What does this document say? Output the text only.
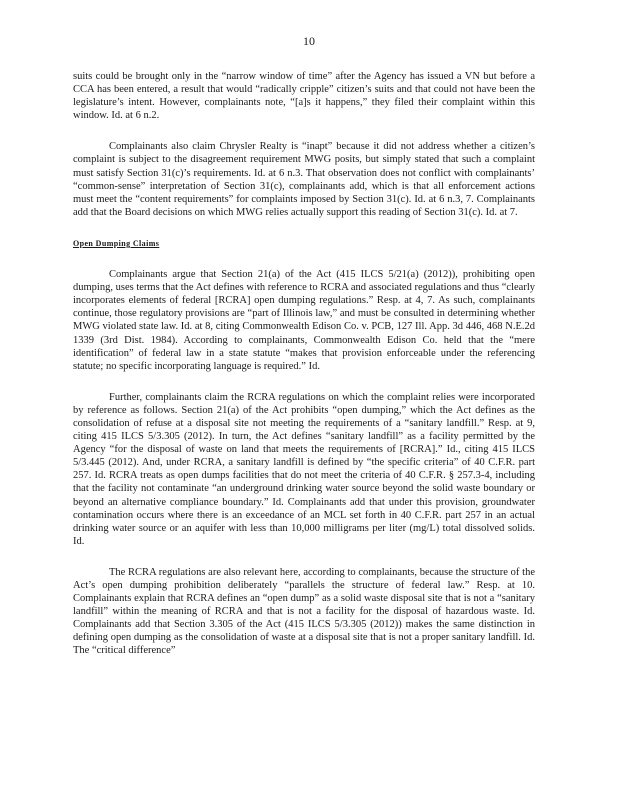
10

suits could be brought only in the “narrow window of time” after the Agency has issued a VN but before a CCA has been entered, a result that would “radically cripple” citizen’s suits and that could not have been the legislature’s intent. However, complainants note, “[a]s it happens,” they filed their complaint within this window. Id. at 6 n.2.

Complainants also claim Chrysler Realty is “inapt” because it did not address whether a citizen’s complaint is subject to the disagreement requirement MWG posits, but simply stated that such a complaint must satisfy Section 31(c)’s requirements. Id. at 6 n.3. That observation does not conflict with complainants’ “common-sense” interpretation of Section 31(c), complainants add, which is that all enforcement actions must meet the “content requirements” for complaints imposed by Section 31(c). Id. at 6 n.3, 7. Complainants add that the Board decisions on which MWG relies actually support this reading of Section 31(c). Id. at 7.

Open Dumping Claims

Complainants argue that Section 21(a) of the Act (415 ILCS 5/21(a) (2012)), prohibiting open dumping, uses terms that the Act defines with reference to RCRA and associated regulations and thus “clearly incorporates elements of federal [RCRA] open dumping regulations.” Resp. at 4, 7. As such, complainants continue, those regulatory provisions are “part of Illinois law,” and must be consulted in determining whether MWG violated state law. Id. at 8, citing Commonwealth Edison Co. v. PCB, 127 Ill. App. 3d 446, 468 N.E.2d 1339 (3rd Dist. 1984). According to complainants, Commonwealth Edison Co. held that the “mere identification” of federal law in a state statute “makes that provision enforceable under the referencing statute; no specific incorporating language is required.” Id.

Further, complainants claim the RCRA regulations on which the complaint relies were incorporated by reference as follows. Section 21(a) of the Act prohibits “open dumping,” which the Act defines as the consolidation of refuse at a disposal site not meeting the requirements of a “sanitary landfill.” Resp. at 9, citing 415 ILCS 5/3.305 (2012). In turn, the Act defines “sanitary landfill” as a facility permitted by the Agency “for the disposal of waste on land that meets the requirements of [RCRA].” Id., citing 415 ILCS 5/3.445 (2012). And, under RCRA, a sanitary landfill is defined by “the specific criteria” of 40 C.F.R. part 257. Id. RCRA treats as open dumps facilities that do not meet the criteria of 40 C.F.R. § 257.3-4, including that the facility not contaminate “an underground drinking water source beyond the solid waste boundary or beyond an alternative compliance boundary.” Id. Complainants add that under this provision, groundwater contamination occurs where there is an exceedance of an MCL set forth in 40 C.F.R. part 257 in an actual drinking water source or an aquifer with less than 10,000 milligrams per liter (mg/L) total dissolved solids. Id.

The RCRA regulations are also relevant here, according to complainants, because the structure of the Act’s open dumping prohibition deliberately “parallels the structure of federal law.” Resp. at 10. Complainants explain that RCRA defines an “open dump” as a solid waste disposal site that is not a “sanitary landfill” within the meaning of RCRA and that is not a facility for the disposal of hazardous waste. Id. Complainants add that Section 3.305 of the Act (415 ILCS 5/3.305 (2012)) makes the same distinction in defining open dumping as the consolidation of waste at a disposal site that is not a proper sanitary landfill. Id. The “critical difference”
